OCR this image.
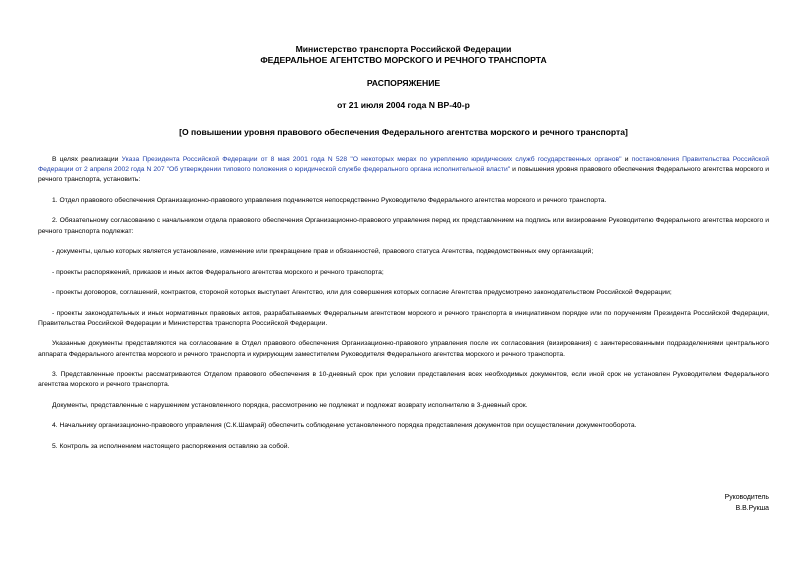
Министерство транспорта Российской Федерации
ФЕДЕРАЛЬНОЕ АГЕНТСТВО МОРСКОГО И РЕЧНОГО ТРАНСПОРТА
РАСПОРЯЖЕНИЕ
от 21 июля 2004 года N ВР-40-р
[О повышении уровня правового обеспечения Федерального агентства морского и речного транспорта]

В целях реализации Указа Президента Российской Федерации от 8 мая 2001 года N 528 "О некоторых мерах по укреплению юридических служб государственных органов" и постановления Правительства Российской Федерации от 2 апреля 2002 года N 207 "Об утверждении типового положения о юридической службе федерального органа исполнительной власти" и повышения уровня правового обеспечения Федерального агентства морского и речного транспорта, установить:

1. Отдел правового обеспечения Организационно-правового управления подчиняется непосредственно Руководителю Федерального агентства морского и речного транспорта.

2. Обязательному согласованию с начальником отдела правового обеспечения Организационно-правового управления перед их представлением на подпись или визирование Руководителю Федерального агентства морского и речного транспорта подлежат:

- документы, целью которых является установление, изменение или прекращение прав и обязанностей, правового статуса Агентства, подведомственных ему организаций;

- проекты распоряжений, приказов и иных актов Федерального агентства морского и речного транспорта;

- проекты договоров, соглашений, контрактов, стороной которых выступает Агентство, или для совершения которых согласие Агентства предусмотрено законодательством Российской Федерации;

- проекты законодательных и иных нормативных правовых актов, разрабатываемых Федеральным агентством морского и речного транспорта в инициативном порядке или по поручениям Президента Российской Федерации, Правительства Российской Федерации и Министерства транспорта Российской Федерации.

Указанные документы представляются на согласование в Отдел правового обеспечения Организационно-правового управления после их согласования (визирования) с заинтересованными подразделениями центрального аппарата Федерального агентства морского и речного транспорта и курирующим заместителем Руководителя Федерального агентства морского и речного транспорта.

3. Представленные проекты рассматриваются Отделом правового обеспечения в 10-дневный срок при условии представления всех необходимых документов, если иной срок не установлен Руководителем Федерального агентства морского и речного транспорта.

Документы, представленные с нарушением установленного порядка, рассмотрению не подлежат и подлежат возврату исполнителю в 3-дневный срок.

4. Начальнику организационно-правового управления (С.К.Шамрай) обеспечить соблюдение установленного порядка представления документов при осуществлении документооборота.

5. Контроль за исполнением настоящего распоряжения оставляю за собой.

Руководитель
В.В.Рукша
